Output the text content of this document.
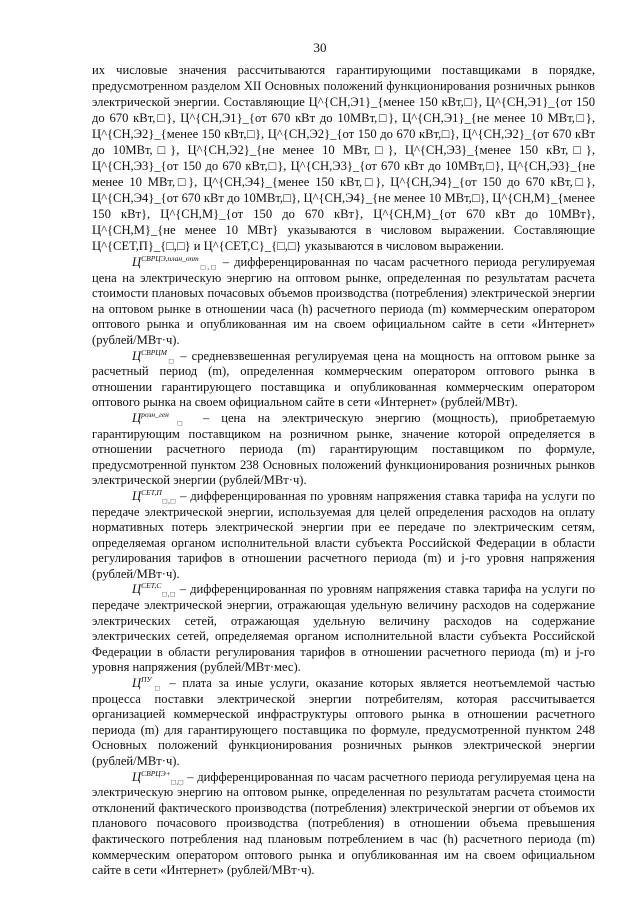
30

их числовые значения рассчитываются гарантирующими поставщиками в порядке, предусмотренном разделом XII Основных положений функционирования розничных рынков электрической энергии. Составляющие Ц^{СН,Э1}_{менее 150 кВт,□}, Ц^{СН,Э1}_{от 150 до 670 кВт,□}, Ц^{СН,Э1}_{от 670 кВт до 10МВт,□}, Ц^{СН,Э1}_{не менее 10 МВт,□}, Ц^{СН,Э2}_{менее 150 кВт,□}, Ц^{СН,Э2}_{от 150 до 670 кВт,□}, Ц^{СН,Э2}_{от 670 кВт до 10МВт,□}, Ц^{СН,Э2}_{не менее 10 МВт,□}, Ц^{СН,Э3}_{менее 150 кВт,□}, Ц^{СН,Э3}_{от 150 до 670 кВт,□}, Ц^{СН,Э3}_{от 670 кВт до 10МВт,□}, Ц^{СН,Э3}_{не менее 10 МВт,□}, Ц^{СН,Э4}_{менее 150 кВт,□}, Ц^{СН,Э4}_{от 150 до 670 кВт,□}, Ц^{СН,Э4}_{от 670 кВт до 10МВт,□}, Ц^{СН,Э4}_{не менее 10 МВт,□}, Ц^{СН,М}_{менее 150 кВт}, Ц^{СН,М}_{от 150 до 670 кВт}, Ц^{СН,М}_{от 670 кВт до 10МВт}, Ц^{СН,М}_{не менее 10 МВт} указываются в числовом выражении. Составляющие Ц^{СЕТ,П}_{□,□} и Ц^{СЕТ,С}_{□,□} указываются в числовом выражении.

$Ц^{СВРЦЭ,план\_опт}_{□,□}$ – дифференцированная по часам расчетного периода регулируемая цена на электрическую энергию на оптовом рынке, определенная по результатам расчета стоимости плановых почасовых объемов производства (потребления) электрической энергии на оптовом рынке в отношении часа (h) расчетного периода (m) коммерческим оператором оптового рынка и опубликованная им на своем официальном сайте в сети «Интернет» (рублей/МВт·ч).

$Ц^{СВРЦМ}_□$ – средневзвешенная регулируемая цена на мощность на оптовом рынке за расчетный период (m), определенная коммерческим оператором оптового рынка в отношении гарантирующего поставщика и опубликованная коммерческим оператором оптового рынка на своем официальном сайте в сети «Интернет» (рублей/МВт).

$Ц^{розн\_ген}_□$ – цена на электрическую энергию (мощность), приобретаемую гарантирующим поставщиком на розничном рынке, значение которой определяется в отношении расчетного периода (m) гарантирующим поставщиком по формуле, предусмотренной пунктом 238 Основных положений функционирования розничных рынков электрической энергии (рублей/МВт·ч).

$Ц^{СЕТ,П}_{□,□}$ – дифференцированная по уровням напряжения ставка тарифа на услуги по передаче электрической энергии, используемая для целей определения расходов на оплату нормативных потерь электрической энергии при ее передаче по электрическим сетям, определяемая органом исполнительной власти субъекта Российской Федерации в области регулирования тарифов в отношении расчетного периода (m) и j-го уровня напряжения (рублей/МВт·ч).

$Ц^{СЕТ,С}_{□,□}$ – дифференцированная по уровням напряжения ставка тарифа на услуги по передаче электрической энергии, отражающая удельную величину расходов на содержание электрических сетей, отражающая удельную величину расходов на содержание электрических сетей, определяемая органом исполнительной власти субъекта Российской Федерации в области регулирования тарифов в отношении расчетного периода (m) и j-го уровня напряжения (рублей/МВт·мес).

$Ц^{ПУ}_□$ – плата за иные услуги, оказание которых является неотъемлемой частью процесса поставки электрической энергии потребителям, которая рассчитывается организацией коммерческой инфраструктуры оптового рынка в отношении расчетного периода (m) для гарантирующего поставщика по формуле, предусмотренной пунктом 248 Основных положений функционирования розничных рынков электрической энергии (рублей/МВт·ч).

$Ц^{СВРЦЭ+}_{□,□}$ – дифференцированная по часам расчетного периода регулируемая цена на электрическую энергию на оптовом рынке, определенная по результатам расчета стоимости отклонений фактического производства (потребления) электрической энергии от объемов их планового почасового производства (потребления) в отношении объема превышения фактического потребления над плановым потреблением в час (h) расчетного периода (m) коммерческим оператором оптового рынка и опубликованная им на своем официальном сайте в сети «Интернет» (рублей/МВт·ч).
